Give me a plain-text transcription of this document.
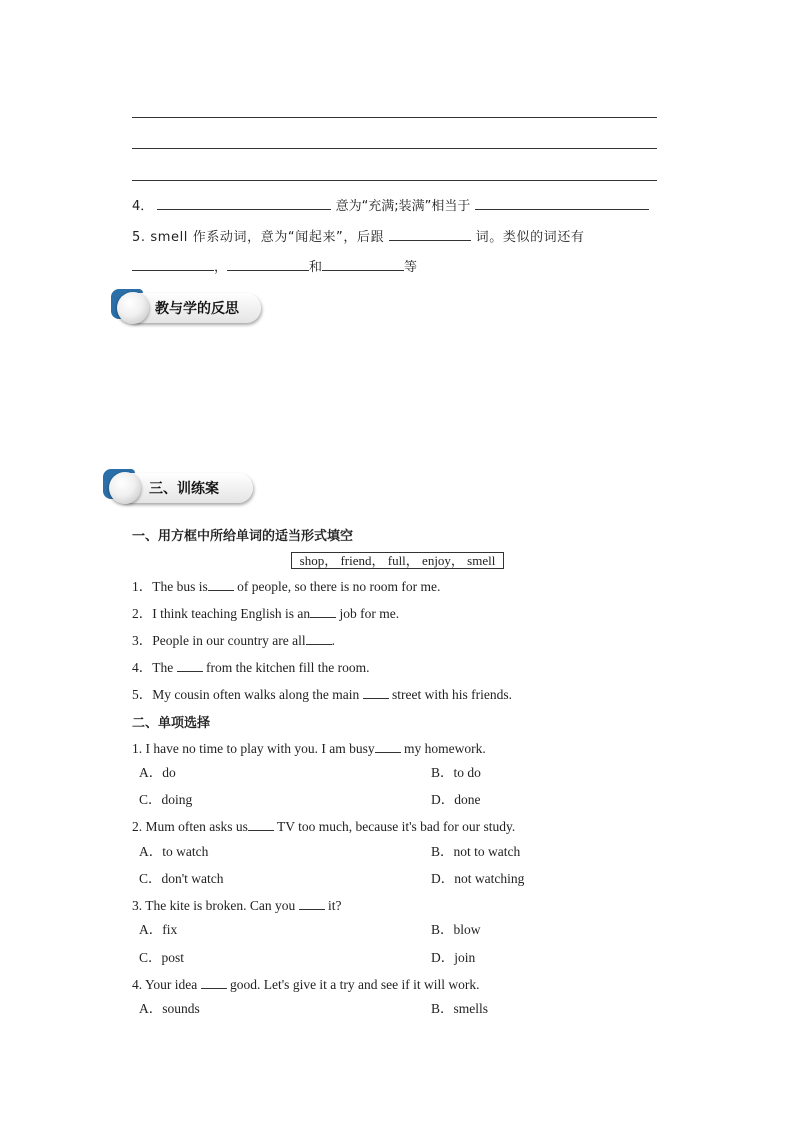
4．	意为“充满;装满”相当于
5. smell 作系动词，意为“闻起来”，后跟	词。类似的词还有
，	和	等
教与学的反思
三、训练案
一、用方框中所给单词的适当形式填空
shop， friend， full， enjoy， smell
1．The bus is of people, so there is no room for me.
2．I think teaching English is an job for me.
3．People in our country are all .
4．The  from the kitchen fill the room.
5．My cousin often walks along the main  street with his friends.
二、单项选择
1. I have no time to play with you. I am busy my homework.
A．do	B．to do
C．doing	D．done
2. Mum often asks us TV too much, because it's bad for our study.
A．to watch	B．not to watch
C．don't watch	D．not watching
3. The kite is broken. Can you  it?
A．fix	B．blow
C．post	D．join
4. Your idea  good. Let's give it a try and see if it will work.
A．sounds	B．smells
